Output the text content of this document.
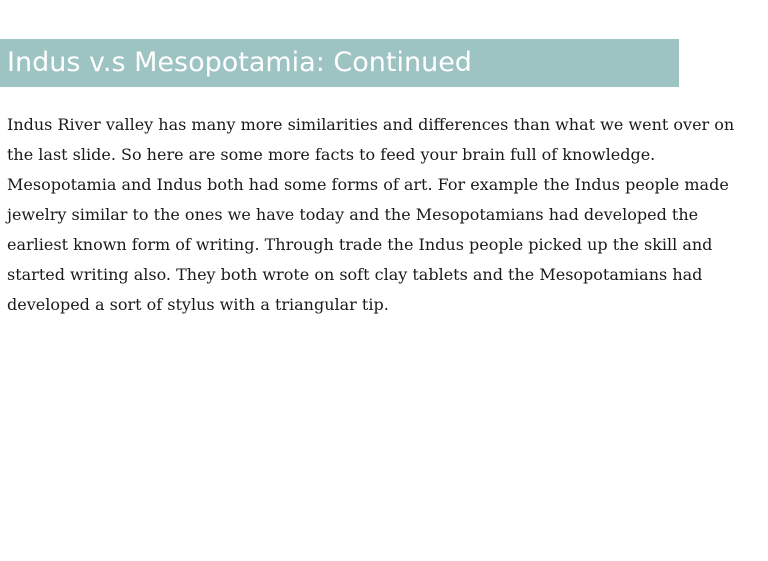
Indus v.s Mesopotamia: Continued

Indus River valley has many more similarities and differences than what we went over on the last slide. So here are some more facts to feed your brain full of knowledge. Mesopotamia and Indus both had some forms of art. For example the Indus people made jewelry similar to the ones we have today and the Mesopotamians had developed the earliest known form of writing. Through trade the Indus people picked up the skill and started writing also. They both wrote on soft clay tablets and the Mesopotamians had developed a sort of stylus with a triangular tip.
